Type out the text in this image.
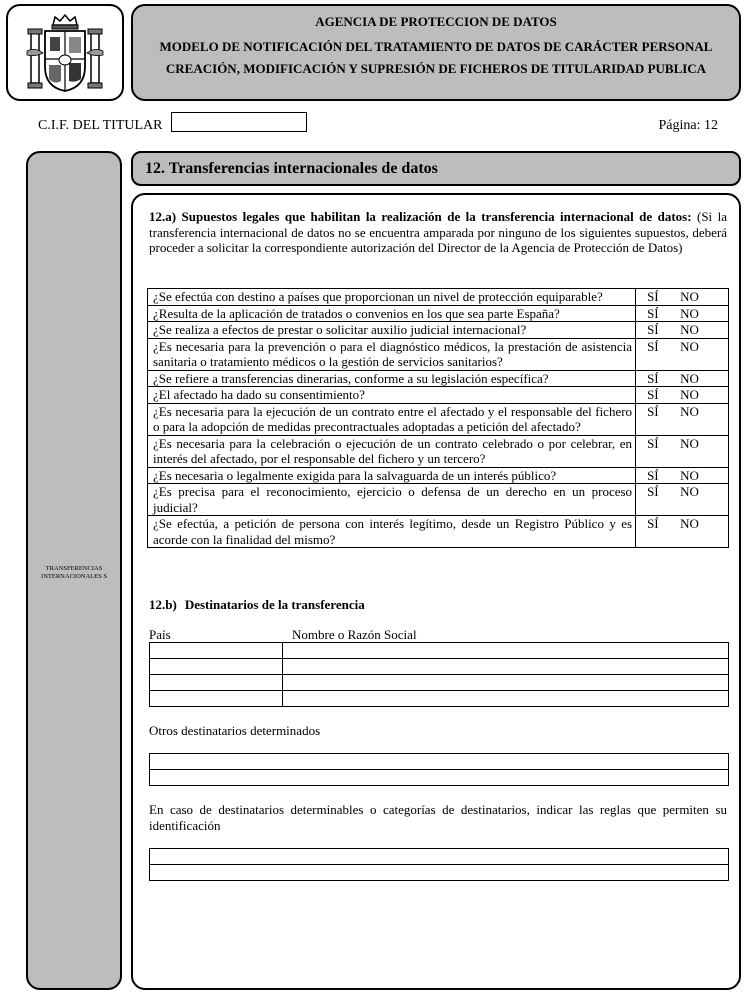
AGENCIA DE PROTECCION DE DATOS
MODELO DE NOTIFICACIÓN DEL TRATAMIENTO DE DATOS DE CARÁCTER PERSONAL
CREACIÓN, MODIFICACIÓN Y SUPRESIÓN DE FICHEROS DE TITULARIDAD PUBLICA
C.I.F. DEL TITULAR	Página: 12
TRANSFERENCIAS INTERNACIONALES S
12. Transferencias internacionales de datos
12.a) Supuestos legales que habilitan la realización de la transferencia internacional de datos: (Si la transferencia internacional de datos no se encuentra amparada por ninguno de los siguientes supuestos, deberá proceder a solicitar la correspondiente autorización del Director de la Agencia de Protección de Datos)
¿Se efectúa con destino a países que proporcionan un nivel de protección equiparable?	SÍ NO
¿Resulta de la aplicación de tratados o convenios en los que sea parte España?	SÍ NO
¿Se realiza a efectos de prestar o solicitar auxilio judicial internacional?	SÍ NO
¿Es necesaria para la prevención o para el diagnóstico médicos, la prestación de asistencia sanitaria o tratamiento médicos o la gestión de servicios sanitarios?	SÍ NO
¿Se refiere a transferencias dinerarias, conforme a su legislación específica?	SÍ NO
¿El afectado ha dado su consentimiento?	SÍ NO
¿Es necesaria para la ejecución de un contrato entre el afectado y el responsable del fichero o para la adopción de medidas precontractuales adoptadas a petición del afectado?	SÍ NO
¿Es necesaria para la celebración o ejecución de un contrato celebrado o por celebrar, en interés del afectado, por el responsable del fichero y un tercero?	SÍ NO
¿Es necesaria o legalmente exigida para la salvaguarda de un interés público?	SÍ NO
¿Es precisa para el reconocimiento, ejercicio o defensa de un derecho en un proceso judicial?	SÍ NO
¿Se efectúa, a petición de persona con interés legítimo, desde un Registro Público y es acorde con la finalidad del mismo?	SÍ NO
12.b) Destinatarios de la transferencia
País	Nombre o Razón Social

Otros destinatarios determinados

En caso de destinatarios determinables o categorías de destinatarios, indicar las reglas que permiten su identificación
